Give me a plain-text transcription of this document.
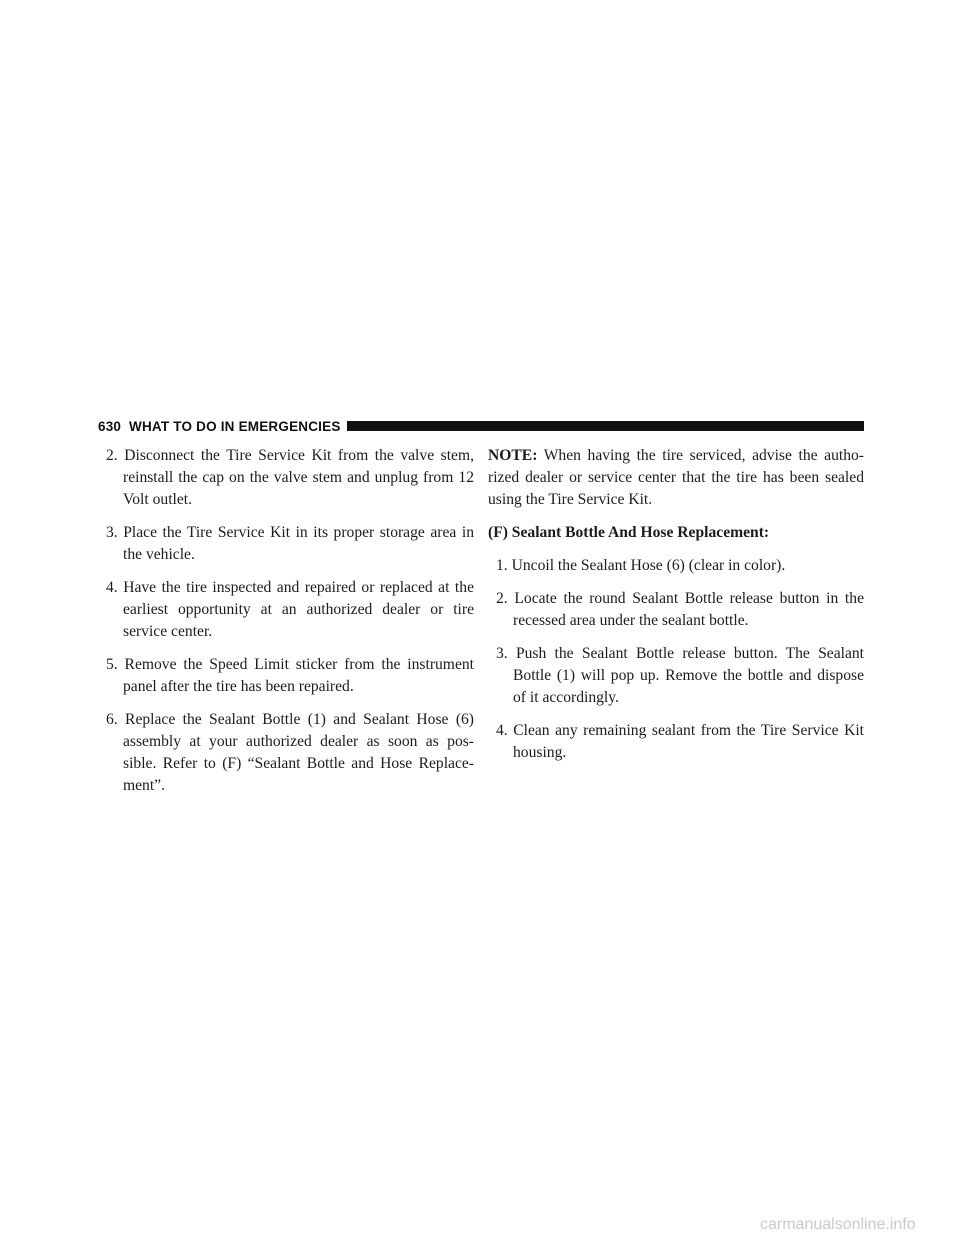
630 WHAT TO DO IN EMERGENCIES

2. Disconnect the Tire Service Kit from the valve stem, reinstall the cap on the valve stem and unplug from 12 Volt outlet.

3. Place the Tire Service Kit in its proper storage area in the vehicle.

4. Have the tire inspected and repaired or replaced at the earliest opportunity at an authorized dealer or tire service center.

5. Remove the Speed Limit sticker from the instrument panel after the tire has been repaired.

6. Replace the Sealant Bottle (1) and Sealant Hose (6) assembly at your authorized dealer as soon as pos- sible. Refer to (F) “Sealant Bottle and Hose Replace- ment”.

NOTE: When having the tire serviced, advise the autho- rized dealer or service center that the tire has been sealed using the Tire Service Kit.

(F) Sealant Bottle And Hose Replacement:

1. Uncoil the Sealant Hose (6) (clear in color).

2. Locate the round Sealant Bottle release button in the recessed area under the sealant bottle.

3. Push the Sealant Bottle release button. The Sealant Bottle (1) will pop up. Remove the bottle and dispose of it accordingly.

4. Clean any remaining sealant from the Tire Service Kit housing.

carmanualsonline.info
